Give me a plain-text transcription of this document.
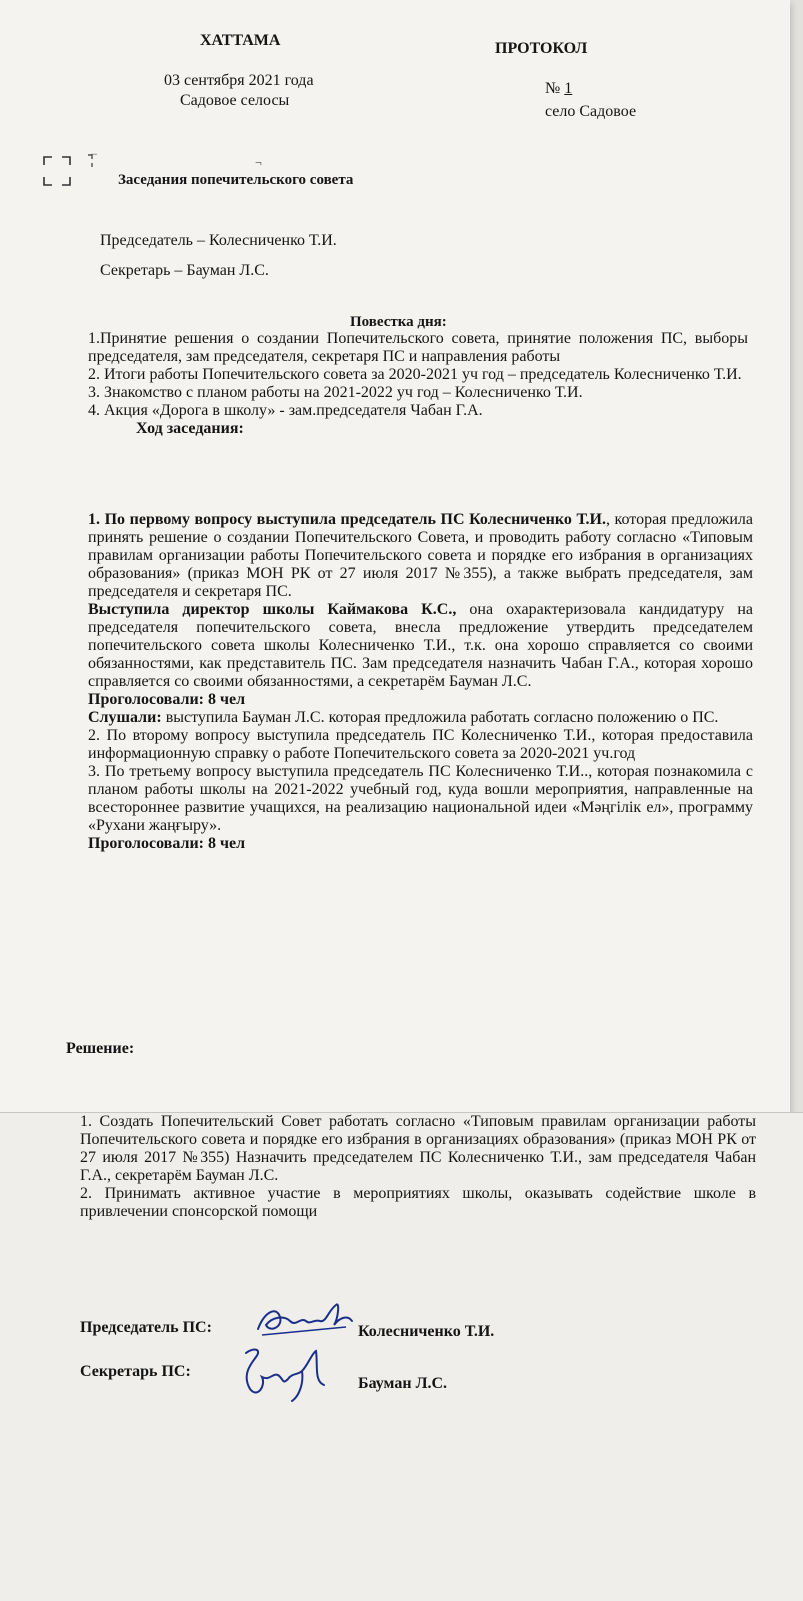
ХАТТАМА	ПРОТОКОЛ
03 сентября 2021 года
Садовое селосы
№ 1
село Садовое
⌐
¬
Заседания попечительского совета
Председатель – Колесниченко Т.И.
Секретарь – Бауман Л.С.
Повестка дня:
1.Принятие решения о создании Попечительского совета, принятие положения ПС, выборы председателя, зам председателя, секретаря ПС и направления работы
2. Итоги работы Попечительского совета за 2020-2021 уч год – председатель Колесниченко Т.И.
3. Знакомство с планом работы на 2021-2022 уч год – Колесниченко Т.И.
4. Акция «Дорога в школу» - зам.председателя Чабан Г.А.
Ход заседания:
1. По первому вопросу выступила председатель ПС Колесниченко Т.И., которая предложила принять решение о создании Попечительского Совета, и проводить работу согласно «Типовым правилам организации работы Попечительского совета и порядке его избрания в организациях образования» (приказ МОН РК от 27 июля 2017 №355), а также выбрать председателя, зам председателя и секретаря ПС.
Выступила директор школы Каймакова К.С., она охарактеризовала кандидатуру на председателя попечительского совета, внесла предложение утвердить председателем попечительского совета школы Колесниченко Т.И., т.к. она хорошо справляется со своими обязанностями, как представитель ПС. Зам председателя назначить Чабан Г.А., которая хорошо справляется со своими обязанностями, а секретарём Бауман Л.С.
Проголосовали: 8 чел
Слушали: выступила Бауман Л.С. которая предложила работать согласно положению о ПС.
2. По второму вопросу выступила председатель ПС Колесниченко Т.И., которая предоставила информационную справку о работе Попечительского совета за 2020-2021 уч.год
3. По третьему вопросу выступила председатель ПС Колесниченко Т.И.., которая познакомила с планом работы школы на 2021-2022 учебный год, куда вошли мероприятия, направленные на всестороннее развитие учащихся, на реализацию национальной идеи «Мәңгілік ел», программу «Рухани жаңғыру».
Проголосовали: 8 чел
Решение:
1. Создать Попечительский Совет работать согласно «Типовым правилам организации работы Попечительского совета и порядке его избрания в организациях образования» (приказ МОН РК от 27 июля 2017 №355) Назначить председателем ПС Колесниченко Т.И., зам председателя Чабан Г.А., секретарём Бауман Л.С.
2. Принимать активное участие в мероприятиях школы, оказывать содействие школе в привлечении спонсорской помощи
Председатель ПС:	Колесниченко Т.И.
Секретарь ПС:
Бауман Л.С.
